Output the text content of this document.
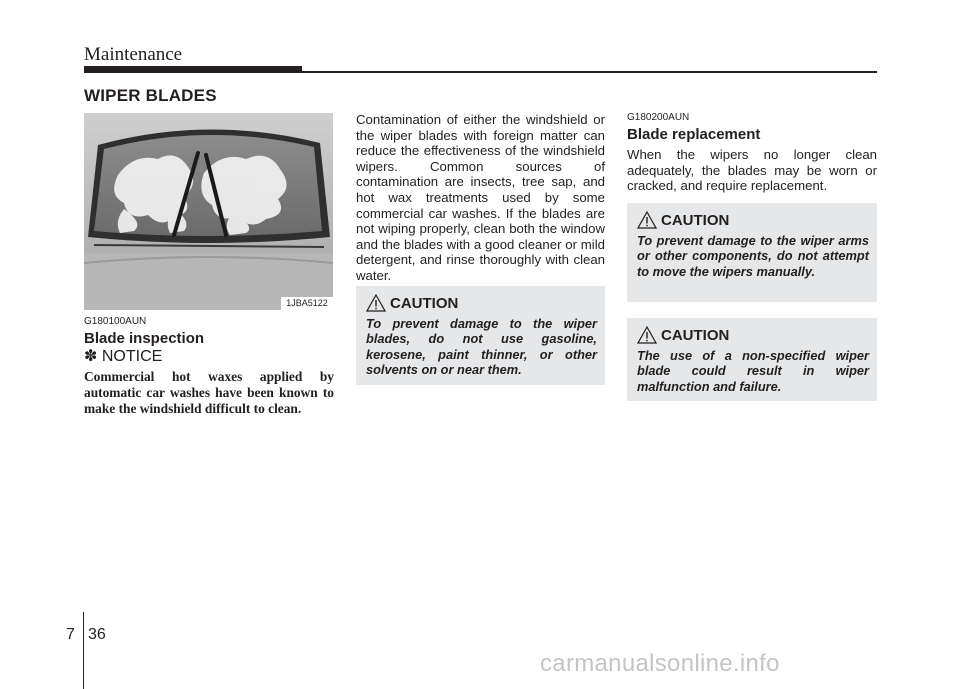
Maintenance
WIPER BLADES
1JBA5122
G180100AUN
Blade inspection
✽ NOTICE
Commercial hot waxes applied by automatic car washes have been known to make the windshield difficult to clean.
Contamination of either the windshield or the wiper blades with foreign matter can reduce the effectiveness of the windshield wipers. Common sources of contamination are insects, tree sap, and hot wax treatments used by some commercial car washes. If the blades are not wiping properly, clean both the window and the blades with a good cleaner or mild detergent, and rinse thoroughly with clean water.
CAUTION
To prevent damage to the wiper blades, do not use gasoline, kerosene, paint thinner, or other solvents on or near them.
G180200AUN
Blade replacement
When the wipers no longer clean adequately, the blades may be worn or cracked, and require replacement.
CAUTION
To prevent damage to the wiper arms or other components, do not attempt to move the wipers manually.
CAUTION
The use of a non-specified wiper blade could result in wiper malfunction and failure.
7 36
carmanualsonline.info
